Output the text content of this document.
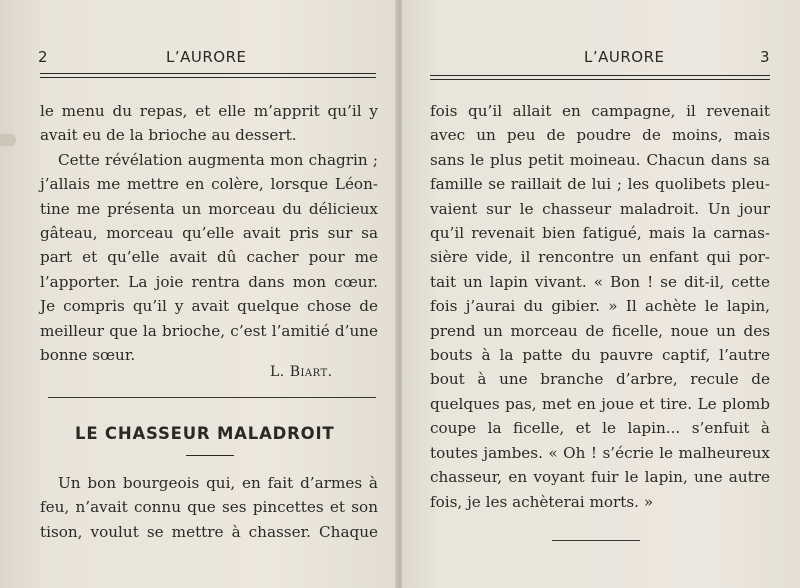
2	L’AURORE
le menu du repas, et elle m’apprit qu’il y
avait eu de la brioche au dessert.
Cette révélation augmenta mon chagrin ;
j’allais me mettre en colère, lorsque Léon-
tine me présenta un morceau du délicieux
gâteau, morceau qu’elle avait pris sur sa
part et qu’elle avait dû cacher pour me
l’apporter. La joie rentra dans mon cœur.
Je compris qu’il y avait quelque chose de
meilleur que la brioche, c’est l’amitié d’une
bonne sœur.
L. Biart.
LE CHASSEUR MALADROIT
Un bon bourgeois qui, en fait d’armes à
feu, n’avait connu que ses pincettes et son
tison, voulut se mettre à chasser. Chaque
L’AURORE	3
fois qu’il allait en campagne, il revenait
avec un peu de poudre de moins, mais
sans le plus petit moineau. Chacun dans sa
famille se raillait de lui ; les quolibets pleu-
vaient sur le chasseur maladroit. Un jour
qu’il revenait bien fatigué, mais la carnas-
sière vide, il rencontre un enfant qui por-
tait un lapin vivant. « Bon ! se dit-il, cette
fois j’aurai du gibier. » Il achète le lapin,
prend un morceau de ficelle, noue un des
bouts à la patte du pauvre captif, l’autre
bout à une branche d’arbre, recule de
quelques pas, met en joue et tire. Le plomb
coupe la ficelle, et le lapin... s’enfuit à
toutes jambes. « Oh ! s’écrie le malheureux
chasseur, en voyant fuir le lapin, une autre
fois, je les achèterai morts. »
